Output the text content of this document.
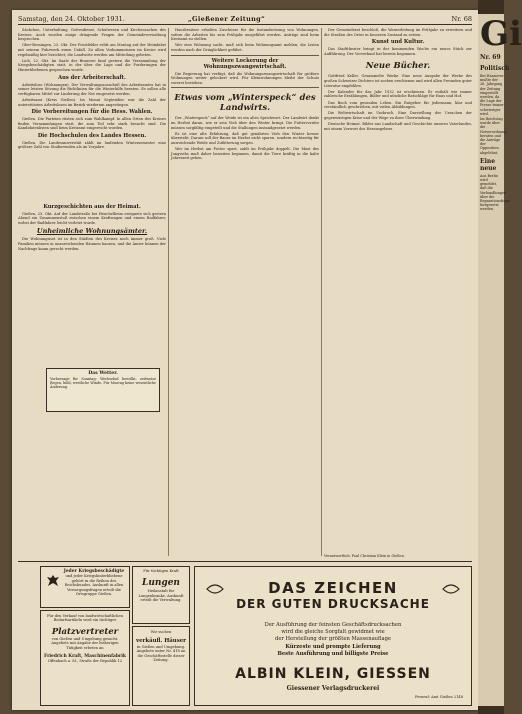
Samstag, den 24. Oktober 1931.	„Gießener Zeitung“	Nr. 68

Säckchen, Unterhaltung, Gottesdienst, Schulwesen und Kirchensachen des Kreises. Auch wurden einige dringende Fragen der Gemeindeverwaltung besprochen.

Ober-Bessingen, 23. Okt. Der Frostfelder erlitt am Montag auf der Heimfahrt mit seinem Fuhrwerk einen Unfall. Zu allen Vorkommnissen im Kreise wird regelmäßig hier berichtet; die Landwirte werden um Mitteilung gebeten.

Lich, 22. Okt. Im Saale der Brauerei fand gestern die Versammlung der Kriegsbeschädigten statt, in der über die Lage und die Forderungen der Hinterbliebenen gesprochen wurde.

Aus der Arbeiterschaft.

Arbeitslose (Wohnungen). Der Verwaltungsausschuß des Arbeitsamtes hat in seiner letzten Sitzung die Richtlinien für die Winterhilfe beraten. Es sollen alle verfügbaren Mittel zur Linderung der Not eingesetzt werden.

Arbeitsamt (Kreis Gießen). Im Monat September war die Zahl der unterstützten Arbeitslosen im Bezirk wiederum angestiegen.

Die Vorbereitungen für die Hess. Wahlen.

Gießen. Die Parteien rüsten sich zum Wahlkampf. In allen Orten des Kreises finden Versammlungen statt, die zum Teil sehr stark besucht sind. Die Kandidatenlisten sind beim Kreisamt eingereicht worden.

Die Hochschulen des Landes Hessen.

Gießen. Die Landesuniversität zählt im laufenden Wintersemester eine größere Zahl von Studierenden als im Vorjahre.

Kurzgeschichten aus der Heimat.

Gießen, 23. Okt. Auf der Landstraße bei Heuchelheim ereignete sich gestern Abend ein Zusammenstoß zwischen einem Kraftwagen und einem Radfahrer, wobei der Radfahrer leicht verletzt wurde.

Unheimliche Wohnungsämter.

Die Wohnungsnot ist in den Städten des Kreises noch immer groß. Viele Familien müssen in unzureichenden Räumen hausen, und die Ämter können der Nachfrage kaum gerecht werden.

Das Wetter.
Vorhersage für Sonntag: Wechselnd bewölkt, zeitweise Regen, kühl, westliche Winde. Für Montag keine wesentliche Änderung.

Hausbesitzer erhalten Zuschüsse für die Instandsetzung von Wohnungen, sofern die Arbeiten bis zum Frühjahr ausgeführt werden. Anträge sind beim Kreisamt zu stellen.

Wer eine Wohnung sucht, muß sich beim Wohnungsamt melden; die Listen werden nach der Dringlichkeit geführt.

Weitere Lockerung der Wohnungszwangswirtschaft.

Die Regierung hat verfügt, daß die Wohnungszwangswirtschaft für größere Wohnungen weiter gelockert wird. Für Kleinwohnungen bleibt der Schutz vorerst bestehen.

Etwas vom „Winterspeck“ des Landwirts.

Der „Winterspeck“ auf der Weide ist ein altes Sprichwort. Der Landwirt denkt im Herbst daran, wie er sein Vieh über den Winter bringt. Die Futtervorräte müssen sorgfältig eingeteilt und die Stallungen instandgesetzt werden.

Es ist eine alte Erfahrung, daß gut genährtes Vieh den Winter besser übersteht. Darum soll der Bauer im Herbst nicht sparen, sondern rechtzeitig für ausreichende Weide und Zufütterung sorgen.

Wer im Herbst am Futter spart, zahlt im Frühjahr doppelt. Die Mast des Jungviehs muß daher beizeiten beginnen, damit die Tiere kräftig in die kalte Jahreszeit gehen.

Der Gemeinderat beschloß, die Wasserleitung im Frühjahr zu erweitern und die Straßen des Ortes in besseren Zustand zu setzen.

Kunst und Kultur.

Das Stadttheater bringt in der kommenden Woche ein neues Stück zur Aufführung. Der Vorverkauf hat bereits begonnen.

Neue Bücher.

Gottfried Keller, Gesammelte Werke. Eine neue Ausgabe der Werke des großen Schweizer Dichters ist soeben erschienen und wird allen Freunden guter Literatur empfohlen.

Der Kalender für das Jahr 1932 ist erschienen. Er enthält wie immer zahlreiche Erzählungen, Bilder und nützliche Ratschläge für Haus und Hof.

Das Buch vom gesunden Leben. Ein Ratgeber für jedermann, klar und verständlich geschrieben, mit vielen Abbildungen.

Die Weltwirtschaft im Umbruch. Eine Darstellung der Ursachen der gegenwärtigen Krise und der Wege zu ihrer Überwindung.

Deutsche Heimat. Bilder aus Landschaft und Geschichte unseres Vaterlandes, mit einem Vorwort des Herausgebers.

Verantwortlich: Paul Christian Klein in Gießen.
Jeder Kriegsbeschädigte
und jeder Kriegshinterbliebene gehört in die Reihen des Reichsbundes. Auskunft in allen Versorgungsfragen erteilt die Ortsgruppe Gießen.
Für tüchtigen Kraft
Lungen
Heilanstalt für Lungenkranke, Auskunft erteilt die Verwaltung.
Für den Verkauf von landwirtschaftlichen Bedarfsartikeln wird ein tüchtiger
Platzvertreter
von Gießen und Umgebung gesucht. Angebote mit Angabe der bisherigen Tätigkeit erbeten an
Friedrich Kraft, Maschinenfabrik
Offenbach a. M., Straße der Republik 12
Wir suchen
verkäufl. Häuser
in Gießen und Umgebung. Angebote unter Nr. 418 an die Geschäftsstelle dieser Zeitung.
DAS ZEICHEN
DER GUTEN DRUCKSACHE
Der Ausführung der feinsten Geschäftsdrucksachen
wird die gleiche Sorgfalt gewidmet wie
der Herstellung der größten Massenauflage
Kürzeste und prompte Lieferung
Beste Ausführung und billigste Preise
ALBIN KLEIN, GIESSEN
Giessener Verlagsdruckerei
Fernruf: Amt Gießen 2148
Gi
Nr. 69
Politisch

Bei Hannover mußte der 26. Jahrgang der Zeitung eingestellt werden, da die Lage der Presse immer schwieriger wird.

Im Reichstag wurde über die Notverordnung beraten und die Anträge der Opposition abgelehnt.

Eine neue

Aus Berlin wird gemeldet, daß die Verhandlungen über die Reparationsfrage fortgesetzt werden.
